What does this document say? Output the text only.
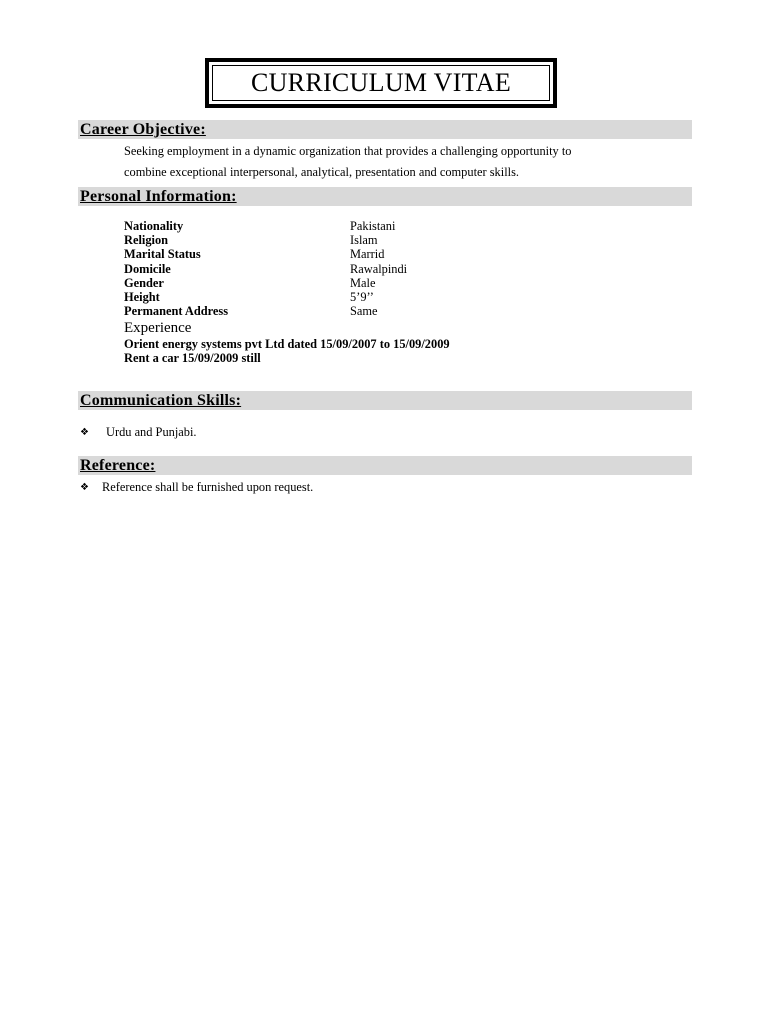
CURRICULUM VITAE
Career Objective:
Seeking employment in a dynamic organization that provides a challenging opportunity to
combine exceptional interpersonal, analytical, presentation and computer skills.
Personal Information:
Nationality	Pakistani
Religion	Islam
Marital Status	Marrid
Domicile	Rawalpindi
Gender	Male
Height	5’9’’
Permanent Address	Same
Experience
Orient energy systems pvt Ltd dated 15/09/2007 to 15/09/2009
Rent a car 15/09/2009 still
Communication Skills:
❖	Urdu and Punjabi.
Reference:
❖	Reference shall be furnished upon request.
